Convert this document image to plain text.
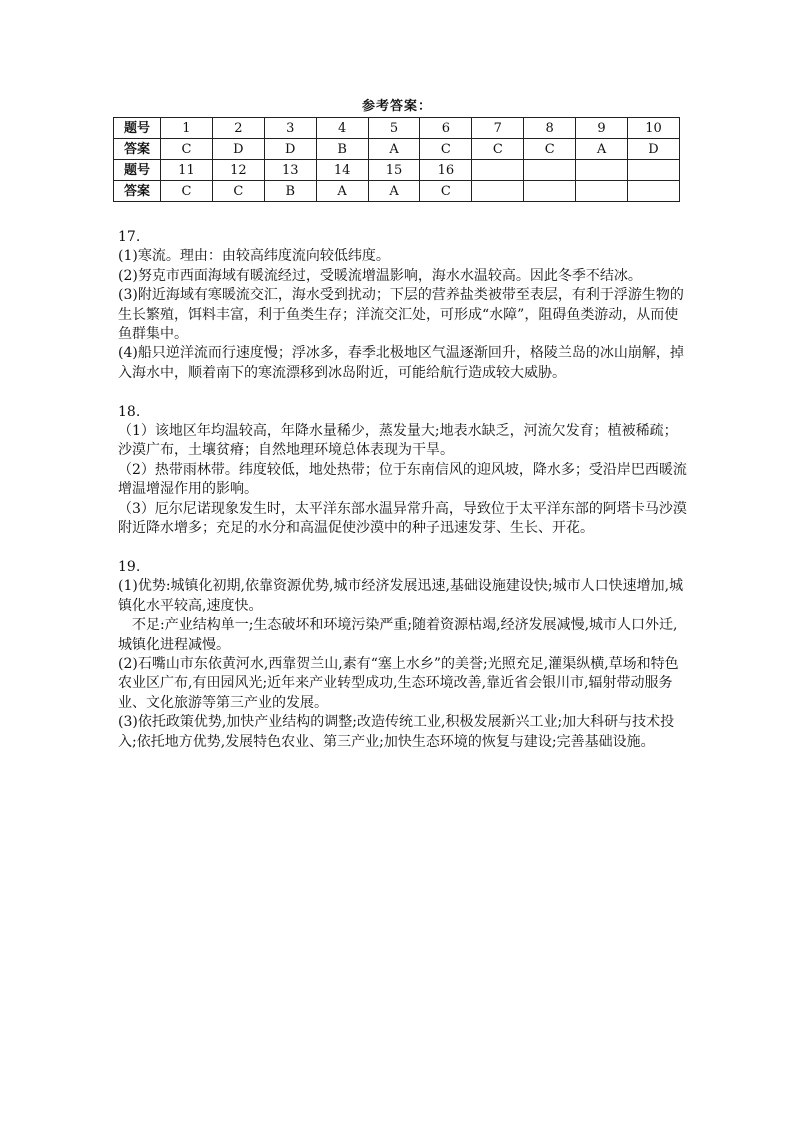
参考答案：
题号	1	2	3	4	5	6	7	8	9	10
答案	C	D	D	B	A	C	C	C	A	D
题号	11	12	13	14	15	16				
答案	C	C	B	A	A	C				

17.

(1)寒流。理由：由较高纬度流向较低纬度。

(2)努克市西面海域有暖流经过，受暖流增温影响，海水水温较高。因此冬季不结冰。

(3)附近海域有寒暖流交汇，海水受到扰动；下层的营养盐类被带至表层，有利于浮游生物的生长繁殖，饵料丰富，利于鱼类生存；洋流交汇处，可形成“水障”，阻碍鱼类游动，从而使鱼群集中。

(4)船只逆洋流而行速度慢；浮冰多，春季北极地区气温逐渐回升，格陵兰岛的冰山崩解，掉入海水中，顺着南下的寒流漂移到冰岛附近，可能给航行造成较大威胁。

18.

（1）该地区年均温较高，年降水量稀少，蒸发量大;地表水缺乏，河流欠发育；植被稀疏；沙漠广布，土壤贫瘠；自然地理环境总体表现为干旱。

（2）热带雨林带。纬度较低，地处热带；位于东南信风的迎风坡，降水多；受沿岸巴西暖流增温增湿作用的影响。

（3）厄尔尼诺现象发生时，太平洋东部水温异常升高，导致位于太平洋东部的阿塔卡马沙漠附近降水增多；充足的水分和高温促使沙漠中的种子迅速发芽、生长、开花。

19.

(1)优势:城镇化初期,依靠资源优势,城市经济发展迅速,基础设施建设快;城市人口快速增加,城镇化水平较高,速度快。

不足:产业结构单一;生态破坏和环境污染严重;随着资源枯竭,经济发展减慢,城市人口外迁,城镇化进程减慢。

(2)石嘴山市东依黄河水,西靠贺兰山,素有“塞上水乡”的美誉;光照充足,灌渠纵横,草场和特色农业区广布,有田园风光;近年来产业转型成功,生态环境改善,靠近省会银川市,辐射带动服务业、文化旅游等第三产业的发展。

(3)依托政策优势,加快产业结构的调整;改造传统工业,积极发展新兴工业;加大科研与技术投入;依托地方优势,发展特色农业、第三产业;加快生态环境的恢复与建设;完善基础设施。
